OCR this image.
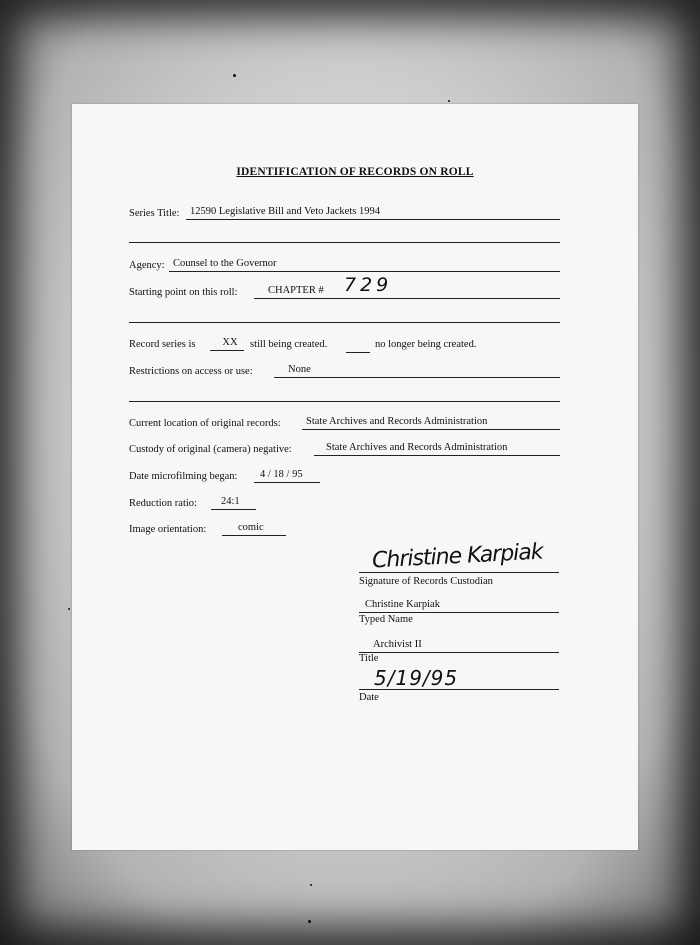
IDENTIFICATION OF RECORDS ON ROLL
Series Title:	12590 Legislative Bill and Veto Jackets 1994
Agency: Counsel to the Governor
Starting point on this roll:	CHAPTER #	729
Record series is	XX	still being created.	no longer being created.
Restrictions on access or use:	None
Current location of original records:	State Archives and Records Administration
Custody of original (camera) negative:	State Archives and Records Administration
Date microfilming began:	4 / 18 / 95
Reduction ratio:	24:1
Image orientation:	comic
Christine Karpiak
Signature of Records Custodian
Christine Karpiak
Typed Name
Archivist II
Title
5/19/95
Date
